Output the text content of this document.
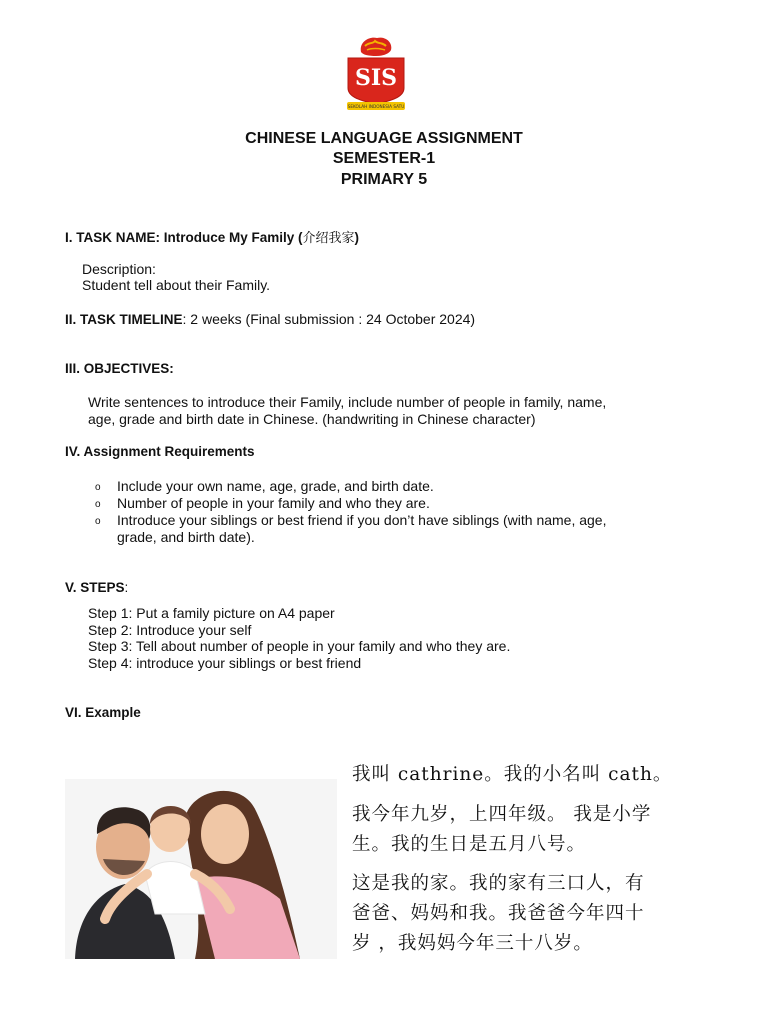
SIS
SEKOLAH INDONESIA SATU
CHINESE LANGUAGE ASSIGNMENT
SEMESTER-1
PRIMARY 5
I. TASK NAME: Introduce My Family (介绍我家)
Description:
Student tell about their Family.
II. TASK TIMELINE: 2 weeks (Final submission : 24 October 2024)
III. OBJECTIVES:
Write sentences to introduce their Family, include number of people in family, name,
age, grade and birth date in Chinese. (handwriting in Chinese character)
IV. Assignment Requirements
o Include your own name, age, grade, and birth date.
o Number of people in your family and who they are.
o Introduce your siblings or best friend if you don’t have siblings (with name, age,
grade, and birth date).
V. STEPS:
Step 1: Put a family picture on A4 paper
Step 2: Introduce your self
Step 3: Tell about number of people in your family and who they are.
Step 4: introduce your siblings or best friend
VI. Example
我叫 cathrine。我的小名叫 cath。
我今年九岁，上四年级。 我是小学
生。我的生日是五月八号。
这是我的家。我的家有三口人，有
爸爸、妈妈和我。我爸爸今年四十
岁 ，我妈妈今年三十八岁。
